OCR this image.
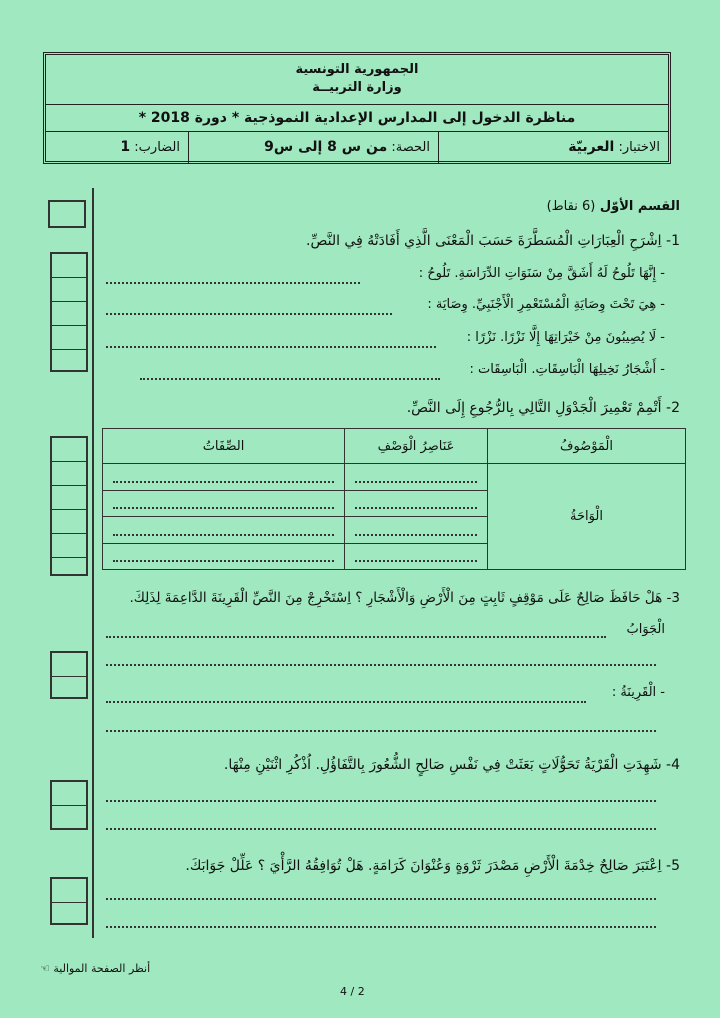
الجمهورية التونسية
وزارة التربيــة
مناظرة الدخول إلى المدارس الإعدادية النموذجية * دورة 2018 *
الاختبار: العربيّة
الحصة: من س 8 إلى س9
الضارب: 1
القسم الأوّل (6 نقاط)
1- اِشْرَحِ الْعِبَارَاتِ الْمُسَطَّرَةَ حَسَبَ الْمَعْنَى الَّذِي أَفَادَتْهُ فِي النَّصِّ.
- إِنَّهَا تَلُوحُ لَهُ أَشَقَّ مِنْ سَنَوَاتِ الدِّرَاسَةِ. تَلُوحُ :
- هِيَ تَحْتَ وِصَايَةِ الْمُسْتَعْمِرِ الْأَجْنَبِيِّ. وِصَايَة :
- لَا يُصِيبُونَ مِنْ خَيْرَاتِهَا إِلَّا نَزْرًا. نَزْرًا :
- أَشْجَارُ نَخِيلِهَا الْبَاسِقَاتِ. الْبَاسِقَات :
2- أَتْمِمْ تَعْمِيرَ الْجَدْوَلِ التَّالِي بِالرُّجُوعِ إِلَى النَّصِّ.
الْمَوْصُوفُ	عَنَاصِرُ الْوَصْفِ	الصِّفَاتُ
الْوَاحَةُ	

3- هَلْ حَافَظَ صَالِحٌ عَلَى مَوْقِفٍ ثَابِتٍ مِنَ الْأَرْضِ وَالْأَشْجَارِ ؟ اِسْتَخْرِجْ مِنَ النَّصِّ الْقَرِينَةَ الدَّاعِمَةَ لِذَلِكَ.
الْجَوَابُ
- الْقَرِينَةُ :
4- شَهِدَتِ الْقَرْيَةُ تَحَوُّلَاتٍ بَعَثَتْ فِي نَفْسِ صَالِحٍ الشُّعُورَ بِالتَّفَاؤُلِ. اُذْكُرِ اثْنَيْنِ مِنْهَا.
5- اِعْتَبَرَ صَالِحٌ خِدْمَةَ الْأَرْضِ مَصْدَرَ ثَرْوَةٍ وَعُنْوَانَ كَرَامَةٍ. هَلْ تُوَافِقُهُ الرَّأْيَ ؟ عَلِّلْ جَوَابَكَ.
أنظر الصفحة الموالية ☜
4 / 2
